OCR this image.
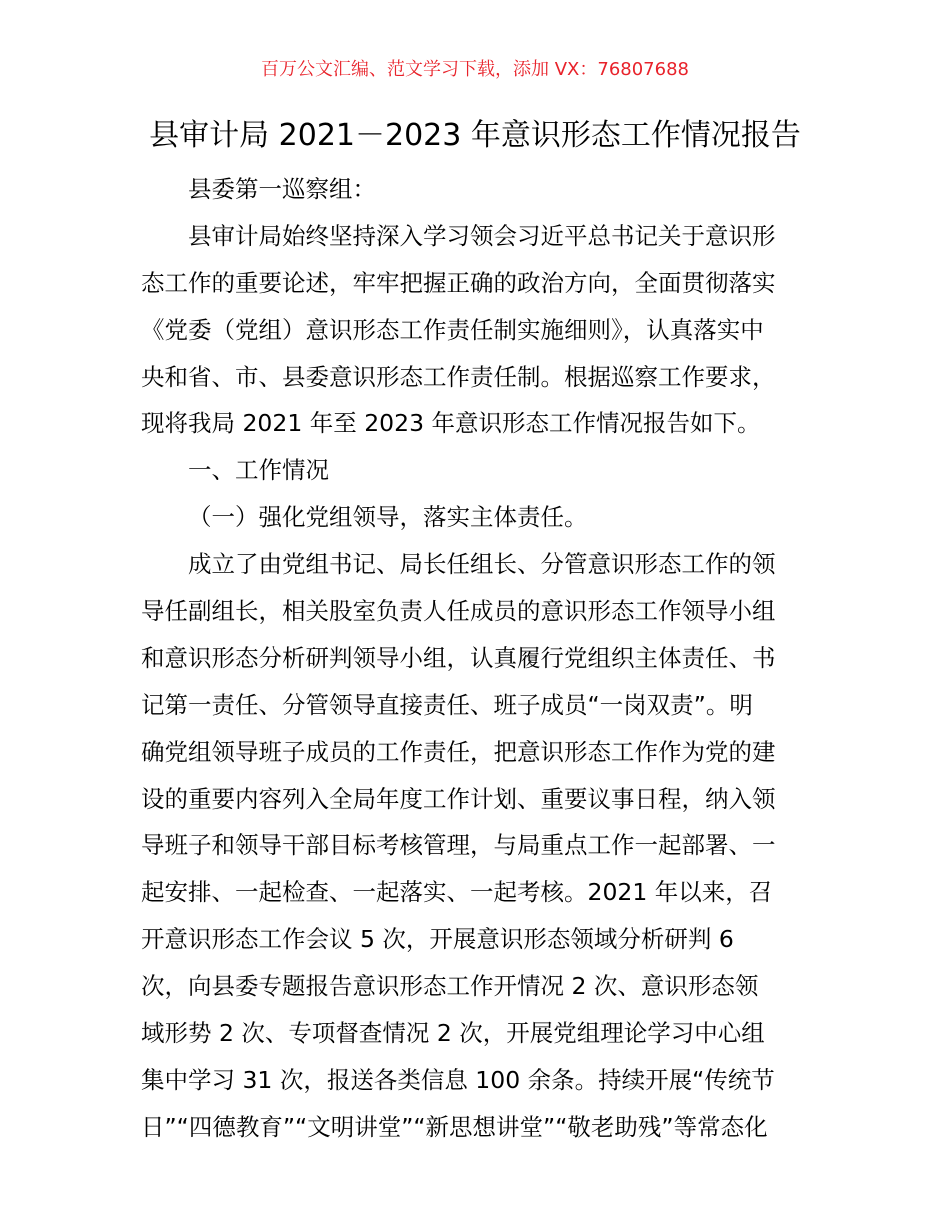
百万公文汇编、范文学习下载，添加 VX：76807688
县审计局 2021－2023 年意识形态工作情况报告
县委第一巡察组：
县审计局始终坚持深入学习领会习近平总书记关于意识形
态工作的重要论述，牢牢把握正确的政治方向，全面贯彻落实
《党委（党组）意识形态工作责任制实施细则》，认真落实中
央和省、市、县委意识形态工作责任制。根据巡察工作要求，
现将我局 2021 年至 2023 年意识形态工作情况报告如下。
一、工作情况
（一）强化党组领导，落实主体责任。
成立了由党组书记、局长任组长、分管意识形态工作的领
导任副组长，相关股室负责人任成员的意识形态工作领导小组
和意识形态分析研判领导小组，认真履行党组织主体责任、书
记第一责任、分管领导直接责任、班子成员“一岗双责”。明
确党组领导班子成员的工作责任，把意识形态工作作为党的建
设的重要内容列入全局年度工作计划、重要议事日程，纳入领
导班子和领导干部目标考核管理，与局重点工作一起部署、一
起安排、一起检查、一起落实、一起考核。2021 年以来，召
开意识形态工作会议 5 次，开展意识形态领域分析研判 6
次，向县委专题报告意识形态工作开情况 2 次、意识形态领
域形势 2 次、专项督查情况 2 次，开展党组理论学习中心组
集中学习 31 次，报送各类信息 100 余条。持续开展“传统节
日”“四德教育”“文明讲堂”“新思想讲堂”“敬老助残”等常态化
